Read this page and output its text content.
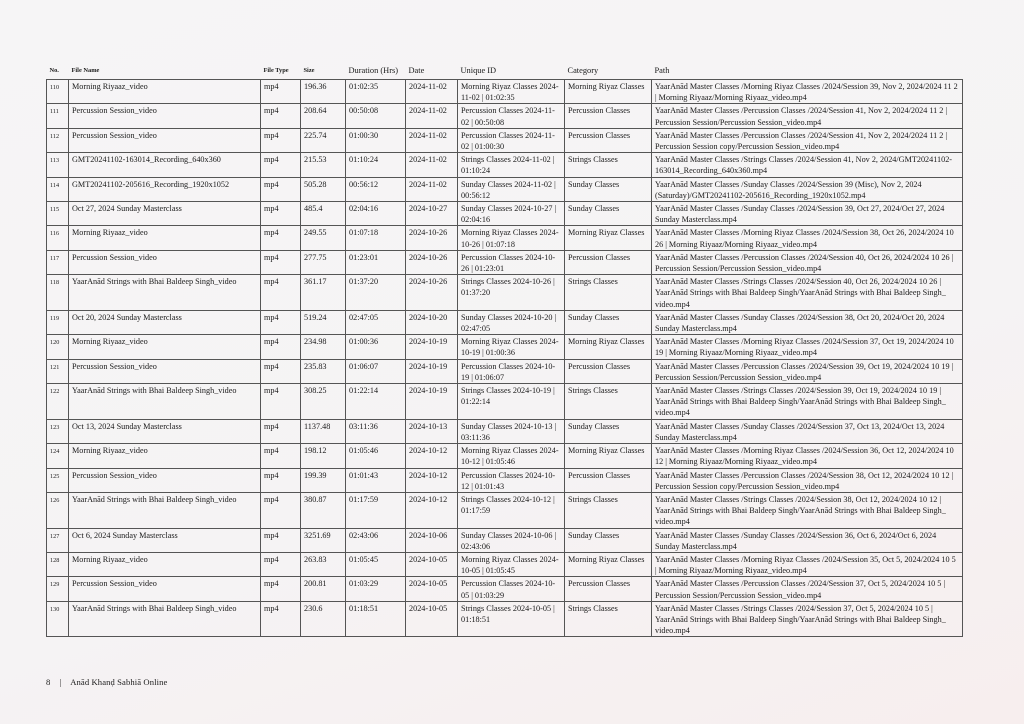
No.	File Name	File Type	Size	Duration (Hrs)	Date	Unique ID	Category	Path
110	Morning Riyaaz_video	mp4	196.36	01:02:35	2024-11-02	Morning Riyaz Classes 2024-11-02 | 01:02:35	Morning Riyaz Classes	YaarAnād Master Classes /Morning Riyaz Classes /2024/Session 39, Nov 2, 2024/2024 11 2 | Morning Riyaaz/Morning Riyaaz_video.mp4
111	Percussion Session_video	mp4	208.64	00:50:08	2024-11-02	Percussion Classes 2024-11-02 | 00:50:08	Percussion Classes	YaarAnād Master Classes /Percussion Classes /2024/Session 41, Nov 2, 2024/2024 11 2 | Percussion Session/Percussion Session_video.mp4
112	Percussion Session_video	mp4	225.74	01:00:30	2024-11-02	Percussion Classes 2024-11-02 | 01:00:30	Percussion Classes	YaarAnād Master Classes /Percussion Classes /2024/Session 41, Nov 2, 2024/2024 11 2 | Percussion Session copy/Percussion Session_video.mp4
113	GMT20241102-163014_Recording_640x360	mp4	215.53	01:10:24	2024-11-02	Strings Classes 2024-11-02 | 01:10:24	Strings Classes	YaarAnād Master Classes /Strings Classes /2024/Session 41, Nov 2, 2024/GMT20241102-163014_Recording_640x360.mp4
114	GMT20241102-205616_Recording_1920x1052	mp4	505.28	00:56:12	2024-11-02	Sunday Classes 2024-11-02 | 00:56:12	Sunday Classes	YaarAnād Master Classes /Sunday Classes /2024/Session 39 (Misc), Nov 2, 2024 (Saturday)/GMT20241102-205616_Recording_1920x1052.mp4
115	Oct 27, 2024 Sunday Masterclass	mp4	485.4	02:04:16	2024-10-27	Sunday Classes 2024-10-27 | 02:04:16	Sunday Classes	YaarAnād Master Classes /Sunday Classes /2024/Session 39, Oct 27, 2024/Oct 27, 2024 Sunday Masterclass.mp4
116	Morning Riyaaz_video	mp4	249.55	01:07:18	2024-10-26	Morning Riyaz Classes 2024-10-26 | 01:07:18	Morning Riyaz Classes	YaarAnād Master Classes /Morning Riyaz Classes /2024/Session 38, Oct 26, 2024/2024 10 26 | Morning Riyaaz/Morning Riyaaz_video.mp4
117	Percussion Session_video	mp4	277.75	01:23:01	2024-10-26	Percussion Classes 2024-10-26 | 01:23:01	Percussion Classes	YaarAnād Master Classes /Percussion Classes /2024/Session 40, Oct 26, 2024/2024 10 26 | Percussion Session/Percussion Session_video.mp4
118	YaarAnād Strings with Bhai Baldeep Singh_video	mp4	361.17	01:37:20	2024-10-26	Strings Classes 2024-10-26 | 01:37:20	Strings Classes	YaarAnād Master Classes /Strings Classes /2024/Session 40, Oct 26, 2024/2024 10 26 | YaarAnād Strings with Bhai Baldeep Singh/YaarAnād Strings with Bhai Baldeep Singh_ video.mp4
119	Oct 20, 2024 Sunday Masterclass	mp4	519.24	02:47:05	2024-10-20	Sunday Classes 2024-10-20 | 02:47:05	Sunday Classes	YaarAnād Master Classes /Sunday Classes /2024/Session 38, Oct 20, 2024/Oct 20, 2024 Sunday Masterclass.mp4
120	Morning Riyaaz_video	mp4	234.98	01:00:36	2024-10-19	Morning Riyaz Classes 2024-10-19 | 01:00:36	Morning Riyaz Classes	YaarAnād Master Classes /Morning Riyaz Classes /2024/Session 37, Oct 19, 2024/2024 10 19 | Morning Riyaaz/Morning Riyaaz_video.mp4
121	Percussion Session_video	mp4	235.83	01:06:07	2024-10-19	Percussion Classes 2024-10-19 | 01:06:07	Percussion Classes	YaarAnād Master Classes /Percussion Classes /2024/Session 39, Oct 19, 2024/2024 10 19 | Percussion Session/Percussion Session_video.mp4
122	YaarAnād Strings with Bhai Baldeep Singh_video	mp4	308.25	01:22:14	2024-10-19	Strings Classes 2024-10-19 | 01:22:14	Strings Classes	YaarAnād Master Classes /Strings Classes /2024/Session 39, Oct 19, 2024/2024 10 19 | YaarAnād Strings with Bhai Baldeep Singh/YaarAnād Strings with Bhai Baldeep Singh_ video.mp4
123	Oct 13, 2024 Sunday Masterclass	mp4	1137.48	03:11:36	2024-10-13	Sunday Classes 2024-10-13 | 03:11:36	Sunday Classes	YaarAnād Master Classes /Sunday Classes /2024/Session 37, Oct 13, 2024/Oct 13, 2024 Sunday Masterclass.mp4
124	Morning Riyaaz_video	mp4	198.12	01:05:46	2024-10-12	Morning Riyaz Classes 2024-10-12 | 01:05:46	Morning Riyaz Classes	YaarAnād Master Classes /Morning Riyaz Classes /2024/Session 36, Oct 12, 2024/2024 10 12 | Morning Riyaaz/Morning Riyaaz_video.mp4
125	Percussion Session_video	mp4	199.39	01:01:43	2024-10-12	Percussion Classes 2024-10-12 | 01:01:43	Percussion Classes	YaarAnād Master Classes /Percussion Classes /2024/Session 38, Oct 12, 2024/2024 10 12 | Percussion Session copy/Percussion Session_video.mp4
126	YaarAnād Strings with Bhai Baldeep Singh_video	mp4	380.87	01:17:59	2024-10-12	Strings Classes 2024-10-12 | 01:17:59	Strings Classes	YaarAnād Master Classes /Strings Classes /2024/Session 38, Oct 12, 2024/2024 10 12 | YaarAnād Strings with Bhai Baldeep Singh/YaarAnād Strings with Bhai Baldeep Singh_ video.mp4
127	Oct 6, 2024 Sunday Masterclass	mp4	3251.69	02:43:06	2024-10-06	Sunday Classes 2024-10-06 | 02:43:06	Sunday Classes	YaarAnād Master Classes /Sunday Classes /2024/Session 36, Oct 6, 2024/Oct 6, 2024 Sunday Masterclass.mp4
128	Morning Riyaaz_video	mp4	263.83	01:05:45	2024-10-05	Morning Riyaz Classes 2024-10-05 | 01:05:45	Morning Riyaz Classes	YaarAnād Master Classes /Morning Riyaz Classes /2024/Session 35, Oct 5, 2024/2024 10 5 | Morning Riyaaz/Morning Riyaaz_video.mp4
129	Percussion Session_video	mp4	200.81	01:03:29	2024-10-05	Percussion Classes 2024-10-05 | 01:03:29	Percussion Classes	YaarAnād Master Classes /Percussion Classes /2024/Session 37, Oct 5, 2024/2024 10 5 | Percussion Session/Percussion Session_video.mp4
130	YaarAnād Strings with Bhai Baldeep Singh_video	mp4	230.6	01:18:51	2024-10-05	Strings Classes 2024-10-05 | 01:18:51	Strings Classes	YaarAnād Master Classes /Strings Classes /2024/Session 37, Oct 5, 2024/2024 10 5 | YaarAnād Strings with Bhai Baldeep Singh/YaarAnād Strings with Bhai Baldeep Singh_ video.mp4
8 | Anād Khanḍ Sabhiā Online
